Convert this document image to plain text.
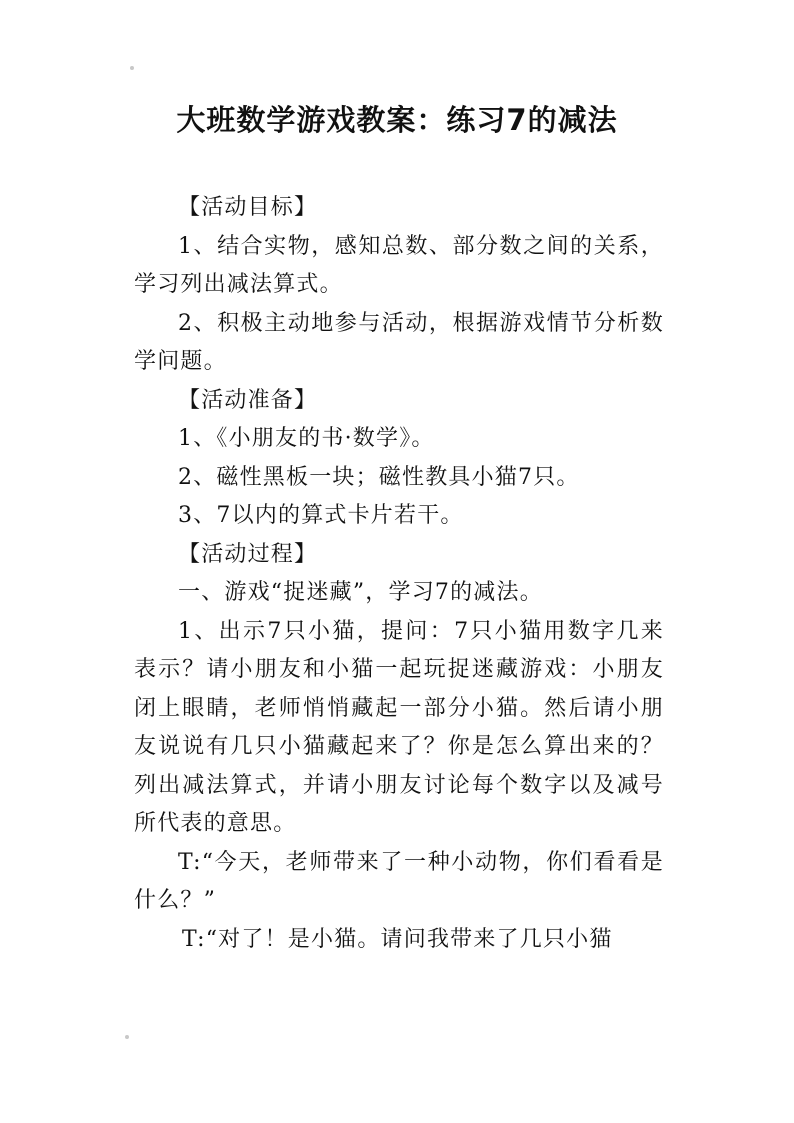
大班数学游戏教案：练习7的减法

【活动目标】

1、结合实物，感知总数、部分数之间的关系，学习列出减法算式。

2、积极主动地参与活动，根据游戏情节分析数学问题。

【活动准备】

1、《小朋友的书·数学》。

2、磁性黑板一块；磁性教具小猫7只。

3、7以内的算式卡片若干。

【活动过程】

一、游戏“捉迷藏”，学习7的减法。

1、出示7只小猫，提问：7只小猫用数字几来表示？请小朋友和小猫一起玩捉迷藏游戏：小朋友闭上眼睛，老师悄悄藏起一部分小猫。然后请小朋友说说有几只小猫藏起来了？你是怎么算出来的？列出减法算式，并请小朋友讨论每个数字以及减号所代表的意思。

T:“今天，老师带来了一种小动物，你们看看是什么？”

T:“对了！是小猫。请问我带来了几只小猫
